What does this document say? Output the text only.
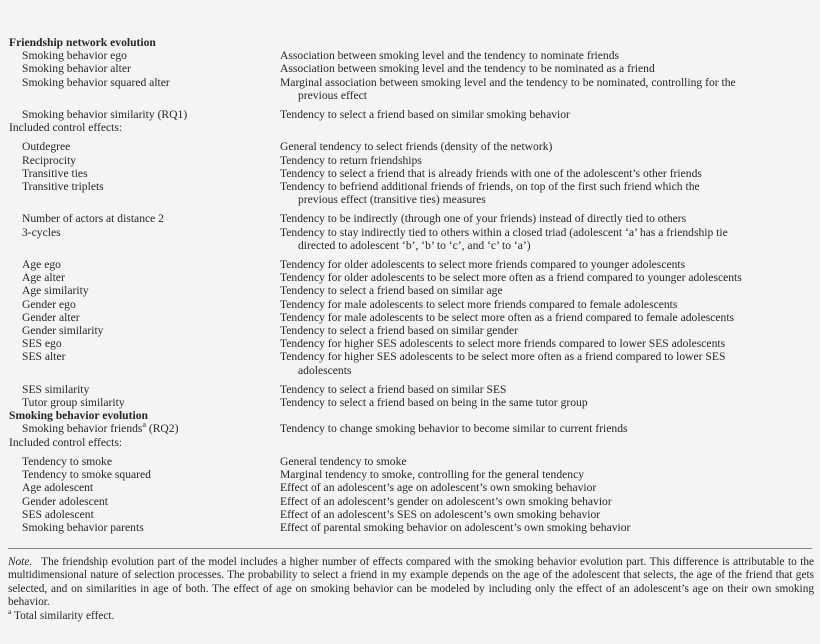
Friendship network evolution

Smoking behavior ego	Association between smoking level and the tendency to nominate friends
Smoking behavior alter	Association between smoking level and the tendency to be nominated as a friend
Smoking behavior squared alter	Marginal association between smoking level and the tendency to be nominated, controlling for the
previous effect
Smoking behavior similarity (RQ1)	Tendency to select a friend based on similar smoking behavior
Included control effects:

Outdegree	General tendency to select friends (density of the network)
Reciprocity	Tendency to return friendships
Transitive ties	Tendency to select a friend that is already friends with one of the adolescent’s other friends
Transitive triplets	Tendency to befriend additional friends of friends, on top of the first such friend which the
previous effect (transitive ties) measures
Number of actors at distance 2	Tendency to be indirectly (through one of your friends) instead of directly tied to others
3-cycles	Tendency to stay indirectly tied to others within a closed triad (adolescent ‘a’ has a friendship tie
directed to adolescent ‘b’, ‘b’ to ‘c’, and ‘c’ to ‘a’)
Age ego	Tendency for older adolescents to select more friends compared to younger adolescents
Age alter	Tendency for older adolescents to be select more often as a friend compared to younger adolescents
Age similarity	Tendency to select a friend based on similar age
Gender ego	Tendency for male adolescents to select more friends compared to female adolescents
Gender alter	Tendency for male adolescents to be select more often as a friend compared to female adolescents
Gender similarity	Tendency to select a friend based on similar gender
SES ego	Tendency for higher SES adolescents to select more friends compared to lower SES adolescents
SES alter	Tendency for higher SES adolescents to be select more often as a friend compared to lower SES
adolescents
SES similarity	Tendency to select a friend based on similar SES
Tutor group similarity	Tendency to select a friend based on being in the same tutor group
Smoking behavior evolution

Smoking behavior friends$^a$ (RQ2)	Tendency to change smoking behavior to become similar to current friends
Included control effects:

Tendency to smoke	General tendency to smoke
Tendency to smoke squared	Marginal tendency to smoke, controlling for the general tendency
Age adolescent	Effect of an adolescent’s age on adolescent’s own smoking behavior
Gender adolescent	Effect of an adolescent’s gender on adolescent’s own smoking behavior
SES adolescent	Effect of an adolescent’s SES on adolescent’s own smoking behavior
Smoking behavior parents	Effect of parental smoking behavior on adolescent’s own smoking behavior
Note. The friendship evolution part of the model includes a higher number of effects compared with the smoking behavior evolution part. This difference is attributable to the multidimensional nature of selection processes. The probability to select a friend in my example depends on the age of the adolescent that selects, the age of the friend that gets selected, and on similarities in age of both. The effect of age on smoking behavior can be modeled by including only the effect of an adolescent’s age on their own smoking behavior.
$^a$ Total similarity effect.
